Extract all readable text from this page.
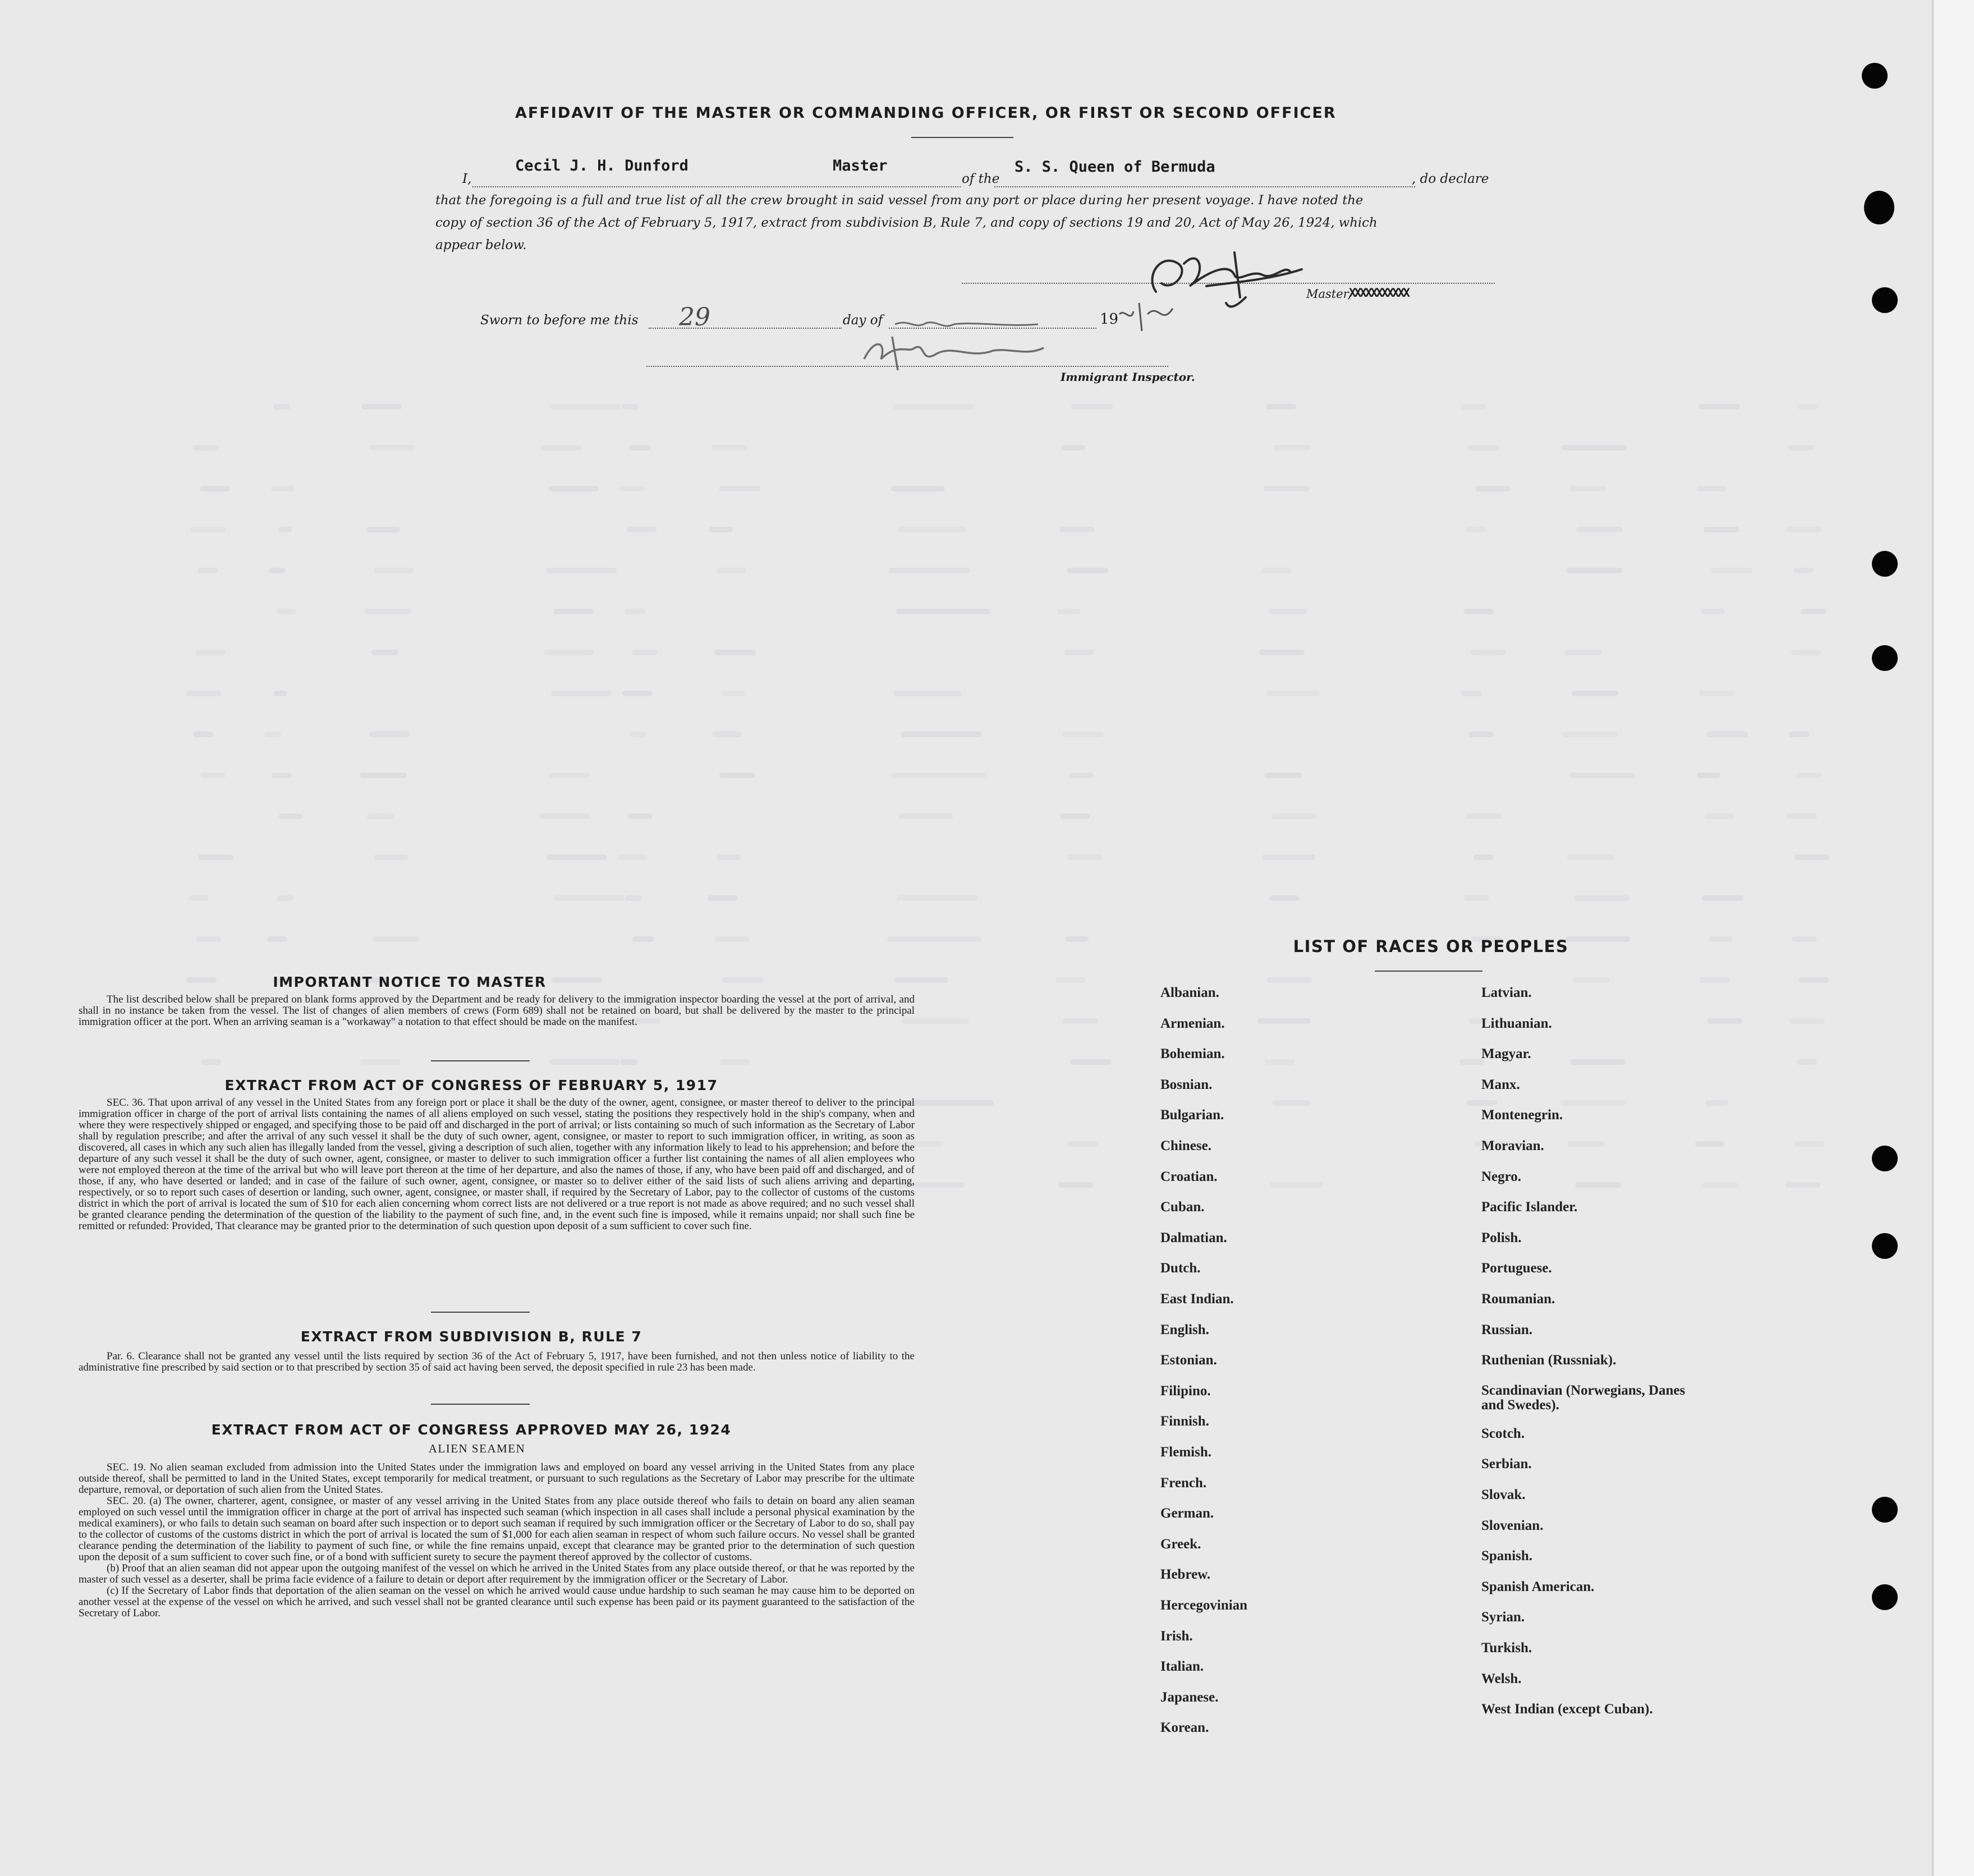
AFFIDAVIT OF THE MASTER OR COMMANDING OFFICER, OR FIRST OR SECOND OFFICER
I,
Cecil J. H. Dunford	Master
of the
S. S. Queen of Bermuda
, do declare
that the foregoing is a full and true list of all the crew brought in said vessel from any port or place during her present voyage. I have noted the
copy of section 36 of the Act of February 5, 1917, extract from subdivision B, Rule 7, and copy of sections 19 and 20, Act of May 26, 1924, which
appear below.
Master,
XXXXXXXXXXX
Sworn to before me this 29	day of	19
Immigrant Inspector.
IMPORTANT NOTICE TO MASTER

The list described below shall be prepared on blank forms approved by the Department and be ready for delivery to the immigration inspector boarding the vessel at the port of arrival, and shall in no instance be taken from the vessel. The list of changes of alien members of crews (Form 689) shall not be retained on board, but shall be delivered by the master to the principal immigration officer at the port. When an arriving seaman is a "workaway" a notation to that effect should be made on the manifest.

EXTRACT FROM ACT OF CONGRESS OF FEBRUARY 5, 1917

SEC. 36. That upon arrival of any vessel in the United States from any foreign port or place it shall be the duty of the owner, agent, consignee, or master thereof to deliver to the principal immigration officer in charge of the port of arrival lists containing the names of all aliens employed on such vessel, stating the positions they respectively hold in the ship's company, when and where they were respectively shipped or engaged, and specifying those to be paid off and discharged in the port of arrival; or lists containing so much of such information as the Secretary of Labor shall by regulation prescribe; and after the arrival of any such vessel it shall be the duty of such owner, agent, consignee, or master to report to such immigration officer, in writing, as soon as discovered, all cases in which any such alien has illegally landed from the vessel, giving a description of such alien, together with any information likely to lead to his apprehension; and before the departure of any such vessel it shall be the duty of such owner, agent, consignee, or master to deliver to such immigration officer a further list containing the names of all alien employees who were not employed thereon at the time of the arrival but who will leave port thereon at the time of her departure, and also the names of those, if any, who have been paid off and discharged, and of those, if any, who have deserted or landed; and in case of the failure of such owner, agent, consignee, or master so to deliver either of the said lists of such aliens arriving and departing, respectively, or so to report such cases of desertion or landing, such owner, agent, consignee, or master shall, if required by the Secretary of Labor, pay to the collector of customs of the customs district in which the port of arrival is located the sum of $10 for each alien concerning whom correct lists are not delivered or a true report is not made as above required; and no such vessel shall be granted clearance pending the determination of the question of the liability to the payment of such fine, and, in the event such fine is imposed, while it remains unpaid; nor shall such fine be remitted or refunded: Provided, That clearance may be granted prior to the determination of such question upon deposit of a sum sufficient to cover such fine.

EXTRACT FROM SUBDIVISION B, RULE 7

Par. 6. Clearance shall not be granted any vessel until the lists required by section 36 of the Act of February 5, 1917, have been furnished, and not then unless notice of liability to the administrative fine prescribed by said section or to that prescribed by section 35 of said act having been served, the deposit specified in rule 23 has been made.

EXTRACT FROM ACT OF CONGRESS APPROVED MAY 26, 1924
ALIEN SEAMEN

SEC. 19. No alien seaman excluded from admission into the United States under the immigration laws and employed on board any vessel arriving in the United States from any place outside thereof, shall be permitted to land in the United States, except temporarily for medical treatment, or pursuant to such regulations as the Secretary of Labor may prescribe for the ultimate departure, removal, or deportation of such alien from the United States.

SEC. 20. (a) The owner, charterer, agent, consignee, or master of any vessel arriving in the United States from any place outside thereof who fails to detain on board any alien seaman employed on such vessel until the immigration officer in charge at the port of arrival has inspected such seaman (which inspection in all cases shall include a personal physical examination by the medical examiners), or who fails to detain such seaman on board after such inspection or to deport such seaman if required by such immigration officer or the Secretary of Labor to do so, shall pay to the collector of customs of the customs district in which the port of arrival is located the sum of $1,000 for each alien seaman in respect of whom such failure occurs. No vessel shall be granted clearance pending the determination of the liability to payment of such fine, or while the fine remains unpaid, except that clearance may be granted prior to the determination of such question upon the deposit of a sum sufficient to cover such fine, or of a bond with sufficient surety to secure the payment thereof approved by the collector of customs.

(b) Proof that an alien seaman did not appear upon the outgoing manifest of the vessel on which he arrived in the United States from any place outside thereof, or that he was reported by the master of such vessel as a deserter, shall be prima facie evidence of a failure to detain or deport after requirement by the immigration officer or the Secretary of Labor.

(c) If the Secretary of Labor finds that deportation of the alien seaman on the vessel on which he arrived would cause undue hardship to such seaman he may cause him to be deported on another vessel at the expense of the vessel on which he arrived, and such vessel shall not be granted clearance until such expense has been paid or its payment guaranteed to the satisfaction of the Secretary of Labor.

LIST OF RACES OR PEOPLES
Albanian.
Armenian.
Bohemian.
Bosnian.
Bulgarian.
Chinese.
Croatian.
Cuban.
Dalmatian.
Dutch.
East Indian.
English.
Estonian.
Filipino.
Finnish.
Flemish.
French.
German.
Greek.
Hebrew.
Hercegovinian
Irish.
Italian.
Japanese.
Korean.
Latvian.
Lithuanian.
Magyar.
Manx.
Montenegrin.
Moravian.
Negro.
Pacific Islander.
Polish.
Portuguese.
Roumanian.
Russian.
Ruthenian (Russniak).
Scandinavian (Norwegians, Danes and Swedes).
Scotch.
Serbian.
Slovak.
Slovenian.
Spanish.
Spanish American.
Syrian.
Turkish.
Welsh.
West Indian (except Cuban).
